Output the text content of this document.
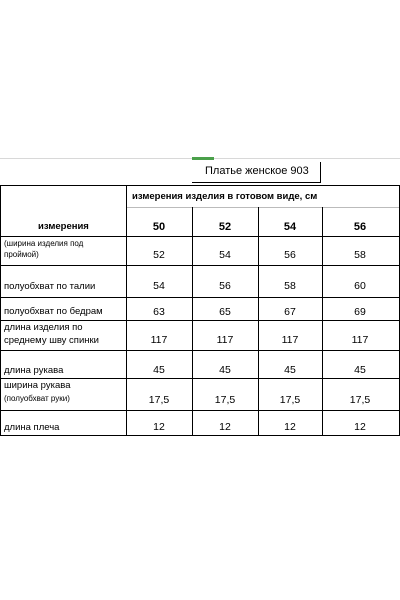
Платье женское 903
измерения изделия в готовом виде, см
измерения	50	52	54	56
(ширина изделия под
проймой)	52	54	56	58
полуобхват по талии	54	56	58	60
полуобхват по бедрам	63	65	67	69
длина изделия по
среднему шву спинки	117	117	117	117
длина рукава	45	45	45	45
ширина рукава
(полуобхват руки)	17,5	17,5	17,5	17,5
длина плеча	12	12	12	12
